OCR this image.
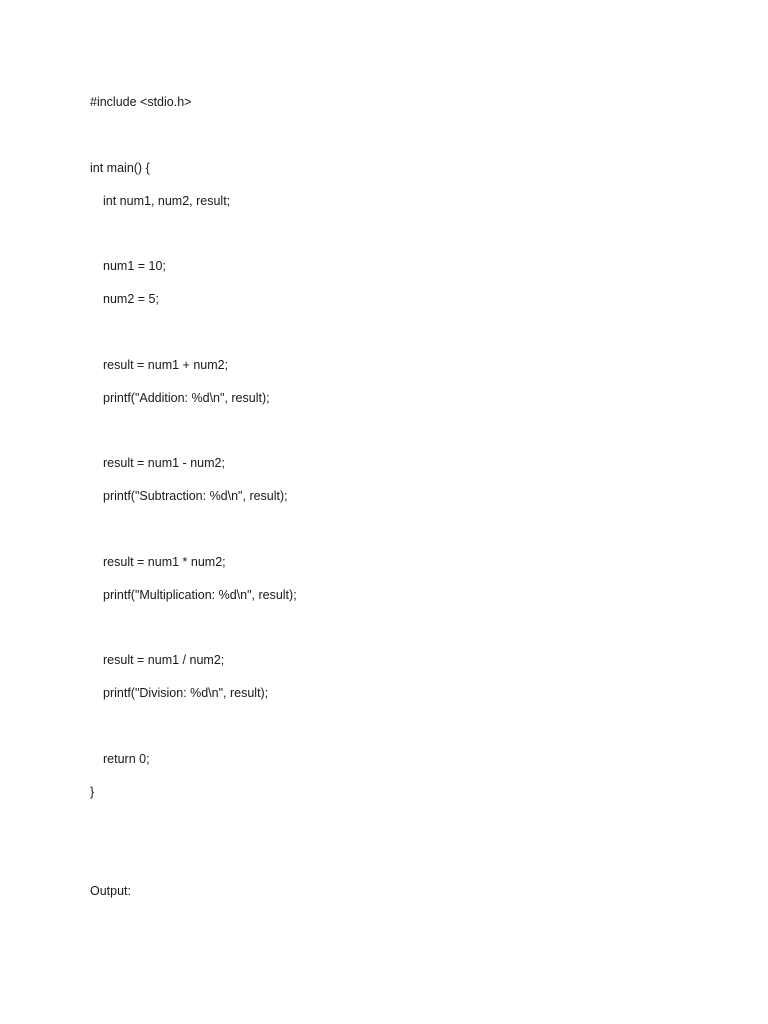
#include <stdio.h>
int main() {
int num1, num2, result;
num1 = 10;
num2 = 5;
result = num1 + num2;
printf("Addition: %d\n", result);
result = num1 - num2;
printf("Subtraction: %d\n", result);
result = num1 * num2;
printf("Multiplication: %d\n", result);
result = num1 / num2;
printf("Division: %d\n", result);
return 0;
}
Output:
